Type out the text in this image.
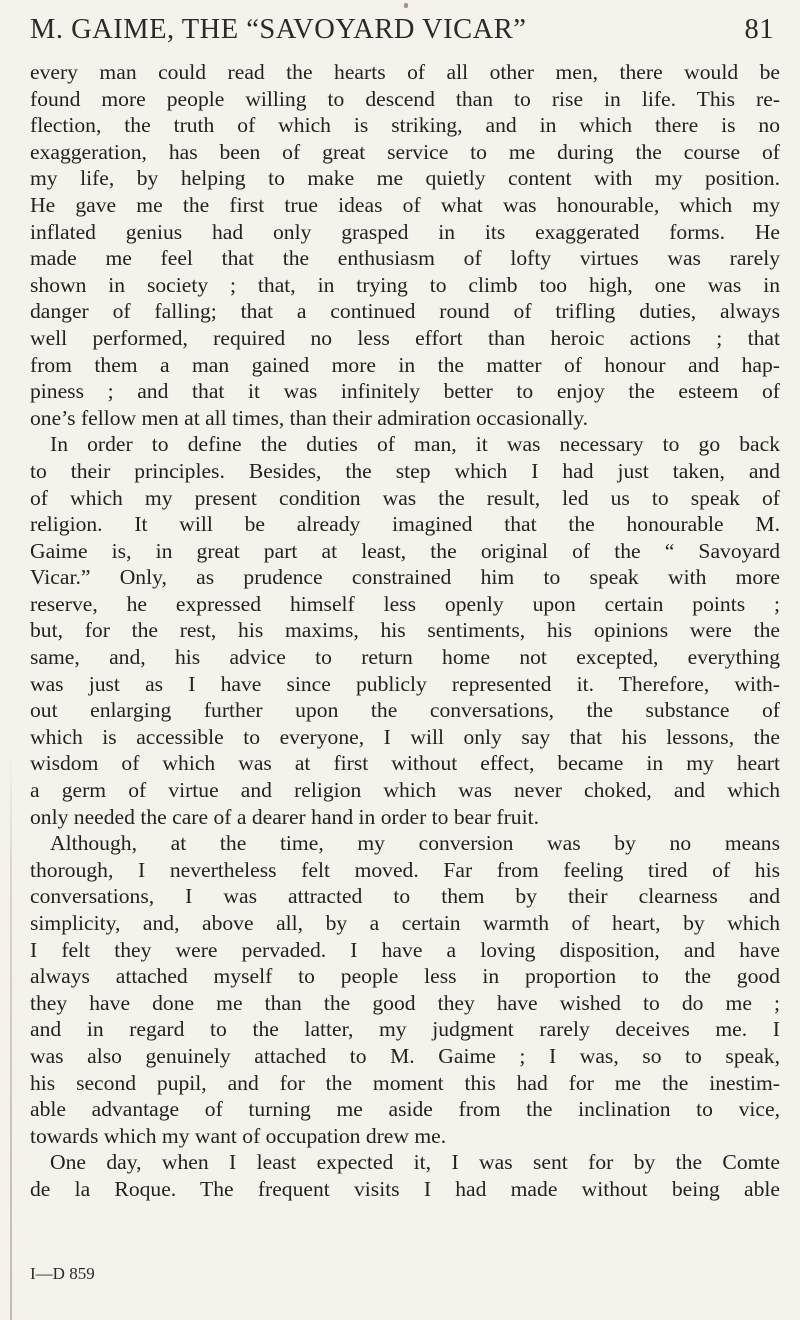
M. GAIME, THE “SAVOYARD VICAR”	81
every man could read the hearts of all other men, there would be
found more people willing to descend than to rise in life. This re-
flection, the truth of which is striking, and in which there is no
exaggeration, has been of great service to me during the course of
my life, by helping to make me quietly content with my position.
He gave me the first true ideas of what was honourable, which my
inflated genius had only grasped in its exaggerated forms. He
made me feel that the enthusiasm of lofty virtues was rarely
shown in society ; that, in trying to climb too high, one was in
danger of falling; that a continued round of trifling duties, always
well performed, required no less effort than heroic actions ; that
from them a man gained more in the matter of honour and hap-
piness ; and that it was infinitely better to enjoy the esteem of
one’s fellow men at all times, than their admiration occasionally.
In order to define the duties of man, it was necessary to go back
to their principles. Besides, the step which I had just taken, and
of which my present condition was the result, led us to speak of
religion. It will be already imagined that the honourable M.
Gaime is, in great part at least, the original of the “ Savoyard
Vicar.” Only, as prudence constrained him to speak with more
reserve, he expressed himself less openly upon certain points ;
but, for the rest, his maxims, his sentiments, his opinions were the
same, and, his advice to return home not excepted, everything
was just as I have since publicly represented it. Therefore, with-
out enlarging further upon the conversations, the substance of
which is accessible to everyone, I will only say that his lessons, the
wisdom of which was at first without effect, became in my heart
a germ of virtue and religion which was never choked, and which
only needed the care of a dearer hand in order to bear fruit.
Although, at the time, my conversion was by no means
thorough, I nevertheless felt moved. Far from feeling tired of his
conversations, I was attracted to them by their clearness and
simplicity, and, above all, by a certain warmth of heart, by which
I felt they were pervaded. I have a loving disposition, and have
always attached myself to people less in proportion to the good
they have done me than the good they have wished to do me ;
and in regard to the latter, my judgment rarely deceives me. I
was also genuinely attached to M. Gaime ; I was, so to speak,
his second pupil, and for the moment this had for me the inestim-
able advantage of turning me aside from the inclination to vice,
towards which my want of occupation drew me.
One day, when I least expected it, I was sent for by the Comte
de la Roque. The frequent visits I had made without being able
I—D 859
